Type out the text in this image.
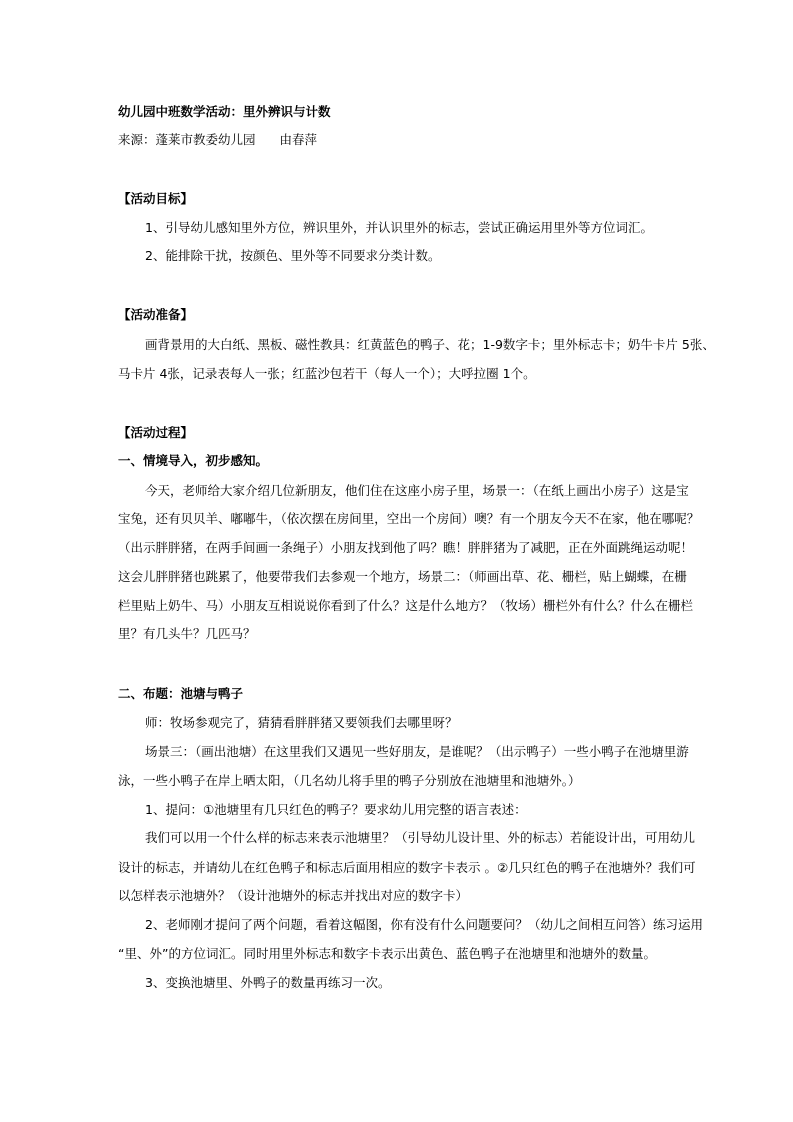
幼儿园中班数学活动：里外辨识与计数
来源：蓬莱市教委幼儿园 由春萍
【活动目标】
1、引导幼儿感知里外方位，辨识里外，并认识里外的标志，尝试正确运用里外等方位词汇。
2、能排除干扰，按颜色、里外等不同要求分类计数。
【活动准备】
画背景用的大白纸、黑板、磁性教具：红黄蓝色的鸭子、花；1-9数字卡；里外标志卡；奶牛卡片 5张、
马卡片 4张，记录表每人一张；红蓝沙包若干（每人一个）；大呼拉圈 1个。
【活动过程】
一、情境导入，初步感知。
今天，老师给大家介绍几位新朋友，他们住在这座小房子里，场景一：（在纸上画出小房子）这是宝
宝兔，还有贝贝羊、嘟嘟牛，（依次摆在房间里，空出一个房间）噢？有一个朋友今天不在家，他在哪呢？
（出示胖胖猪，在两手间画一条绳子）小朋友找到他了吗？瞧！胖胖猪为了减肥，正在外面跳绳运动呢！
这会儿胖胖猪也跳累了，他要带我们去参观一个地方，场景二：（师画出草、花、栅栏，贴上蝴蝶，在栅
栏里贴上奶牛、马）小朋友互相说说你看到了什么？这是什么地方？（牧场）栅栏外有什么？什么在栅栏
里？有几头牛？几匹马？
二、布题：池塘与鸭子
师：牧场参观完了，猜猜看胖胖猪又要领我们去哪里呀？
场景三：（画出池塘）在这里我们又遇见一些好朋友，是谁呢？（出示鸭子）一些小鸭子在池塘里游
泳，一些小鸭子在岸上晒太阳，（几名幼儿将手里的鸭子分别放在池塘里和池塘外。）
1、提问：①池塘里有几只红色的鸭子？要求幼儿用完整的语言表述：
我们可以用一个什么样的标志来表示池塘里？（引导幼儿设计里、外的标志）若能设计出，可用幼儿
设计的标志，并请幼儿在红色鸭子和标志后面用相应的数字卡表示 。②几只红色的鸭子在池塘外？我们可
以怎样表示池塘外？（设计池塘外的标志并找出对应的数字卡）
2、老师刚才提问了两个问题，看着这幅图，你有没有什么问题要问？（幼儿之间相互问答）练习运用
“里、外”的方位词汇。同时用里外标志和数字卡表示出黄色、蓝色鸭子在池塘里和池塘外的数量。
3、变换池塘里、外鸭子的数量再练习一次。
